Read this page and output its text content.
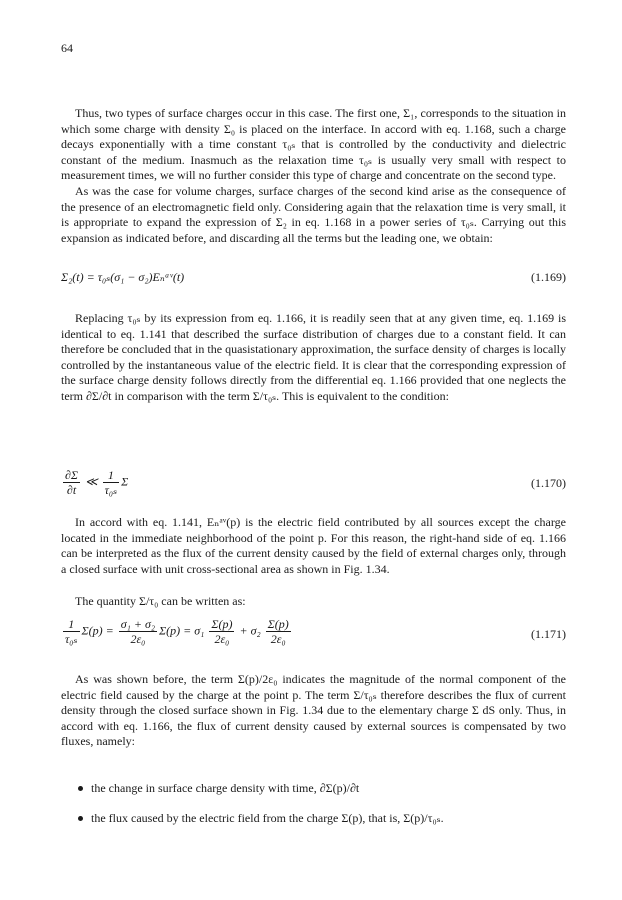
64

Thus, two types of surface charges occur in this case. The first one, Σ₁, corresponds to the situation in which some charge with density Σ₀ is placed on the interface. In accord with eq. 1.168, such a charge decays exponentially with a time constant τ₀ₛ that is controlled by the conductivity and dielectric constant of the medium. Inasmuch as the relaxation time τ₀ₛ is usually very small with respect to measurement times, we will no further consider this type of charge and concentrate on the second type.

As was the case for volume charges, surface charges of the second kind arise as the consequence of the presence of an electromagnetic field only. Considering again that the relaxation time is very small, it is appropriate to expand the expression of Σ₂ in eq. 1.168 in a power series of τ₀ₛ. Carrying out this expansion as indicated before, and discarding all the terms but the leading one, we obtain:

Σ₂(t) = τ₀ₛ(σ₁ − σ₂)Eₙᵃᵛ(t)	(1.169)

Replacing τ₀ₛ by its expression from eq. 1.166, it is readily seen that at any given time, eq. 1.169 is identical to eq. 1.141 that described the surface distribution of charges due to a constant field. It can therefore be concluded that in the quasistationary approximation, the surface density of charges is locally controlled by the instantaneous value of the electric field. It is clear that the corresponding expression of the surface charge density follows directly from the differential eq. 1.166 provided that one neglects the term ∂Σ/∂t in comparison with the term Σ/τ₀ₛ. This is equivalent to the condition:

$\frac{\partial\Sigma}{\partial t}$ ≪ $\frac{1}{\text{τ₀ₛ}}$ Σ	(1.170)

In accord with eq. 1.141, Eₙᵃᵛ(p) is the electric field contributed by all sources except the charge located in the immediate neighborhood of the point p. For this reason, the right-hand side of eq. 1.166 can be interpreted as the flux of the current density caused by the field of external charges only, through a closed surface with unit cross-sectional area as shown in Fig. 1.34.

The quantity Σ/τ₀ can be written as:

$\frac{1}{\text{τ₀ₛ}} \Sigma(p) = \frac{\text{σ₁ + σ₂}}{\text{2ε₀}} \Sigma(p) = \sigma_1 \frac{\Sigma(p)}{\text{2ε₀}} + \sigma_2 \frac{\Sigma(p)}{\text{2ε₀}}$	(1.171)

As was shown before, the term Σ(p)/2ε₀ indicates the magnitude of the normal component of the electric field caused by the charge at the point p. The term Σ/τ₀ₛ therefore describes the flux of current density through the closed surface shown in Fig. 1.34 due to the elementary charge Σ dS only. Thus, in accord with eq. 1.166, the flux of current density caused by external sources is compensated by two fluxes, namely:

the change in surface charge density with time, ∂Σ(p)/∂t
the flux caused by the electric field from the charge Σ(p), that is, Σ(p)/τ₀ₛ.
